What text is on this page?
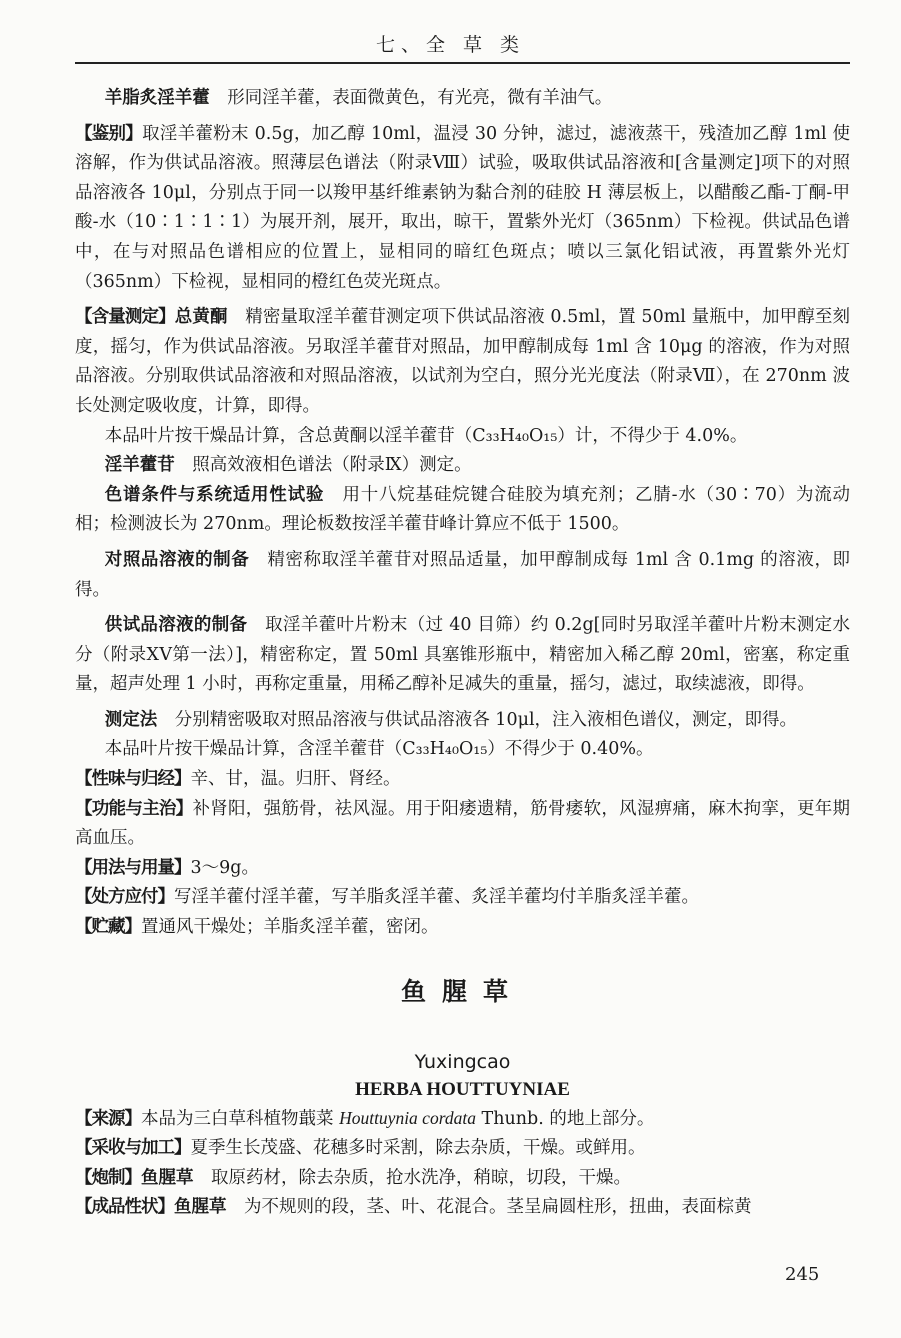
七、全 草 类

羊脂炙淫羊藿　形同淫羊藿，表面微黄色，有光亮，微有羊油气。

【鉴别】取淫羊藿粉末 0.5g，加乙醇 10ml，温浸 30 分钟，滤过，滤液蒸干，残渣加乙醇 1ml 使溶解，作为供试品溶液。照薄层色谱法（附录Ⅷ）试验，吸取供试品溶液和[含量测定]项下的对照品溶液各 10μl，分别点于同一以羧甲基纤维素钠为黏合剂的硅胶 H 薄层板上，以醋酸乙酯-丁酮-甲酸-水（10∶1∶1∶1）为展开剂，展开，取出，晾干，置紫外光灯（365nm）下检视。供试品色谱中，在与对照品色谱相应的位置上，显相同的暗红色斑点；喷以三氯化铝试液，再置紫外光灯（365nm）下检视，显相同的橙红色荧光斑点。

【含量测定】总黄酮　精密量取淫羊藿苷测定项下供试品溶液 0.5ml，置 50ml 量瓶中，加甲醇至刻度，摇匀，作为供试品溶液。另取淫羊藿苷对照品，加甲醇制成每 1ml 含 10μg 的溶液，作为对照品溶液。分别取供试品溶液和对照品溶液，以试剂为空白，照分光光度法（附录Ⅶ），在 270nm 波长处测定吸收度，计算，即得。

本品叶片按干燥品计算，含总黄酮以淫羊藿苷（C₃₃H₄₀O₁₅）计，不得少于 4.0%。

淫羊藿苷　照高效液相色谱法（附录Ⅸ）测定。

色谱条件与系统适用性试验　用十八烷基硅烷键合硅胶为填充剂；乙腈-水（30∶70）为流动相；检测波长为 270nm。理论板数按淫羊藿苷峰计算应不低于 1500。

对照品溶液的制备　精密称取淫羊藿苷对照品适量，加甲醇制成每 1ml 含 0.1mg 的溶液，即得。

供试品溶液的制备　取淫羊藿叶片粉末（过 40 目筛）约 0.2g[同时另取淫羊藿叶片粉末测定水分（附录ⅩⅤ第一法）]，精密称定，置 50ml 具塞锥形瓶中，精密加入稀乙醇 20ml，密塞，称定重量，超声处理 1 小时，再称定重量，用稀乙醇补足减失的重量，摇匀，滤过，取续滤液，即得。

测定法　分别精密吸取对照品溶液与供试品溶液各 10μl，注入液相色谱仪，测定，即得。

本品叶片按干燥品计算，含淫羊藿苷（C₃₃H₄₀O₁₅）不得少于 0.40%。

【性味与归经】辛、甘，温。归肝、肾经。

【功能与主治】补肾阳，强筋骨，祛风湿。用于阳痿遗精，筋骨痿软，风湿痹痛，麻木拘挛，更年期高血压。

【用法与用量】3～9g。

【处方应付】写淫羊藿付淫羊藿，写羊脂炙淫羊藿、炙淫羊藿均付羊脂炙淫羊藿。

【贮藏】置通风干燥处；羊脂炙淫羊藿，密闭。

鱼腥草
Yuxingcao
HERBA HOUTTUYNIAE

【来源】本品为三白草科植物蕺菜 Houttuynia cordata Thunb. 的地上部分。

【采收与加工】夏季生长茂盛、花穗多时采割，除去杂质，干燥。或鲜用。

【炮制】鱼腥草　取原药材，除去杂质，抢水洗净，稍晾，切段，干燥。

【成品性状】鱼腥草　为不规则的段，茎、叶、花混合。茎呈扁圆柱形，扭曲，表面棕黄

245
